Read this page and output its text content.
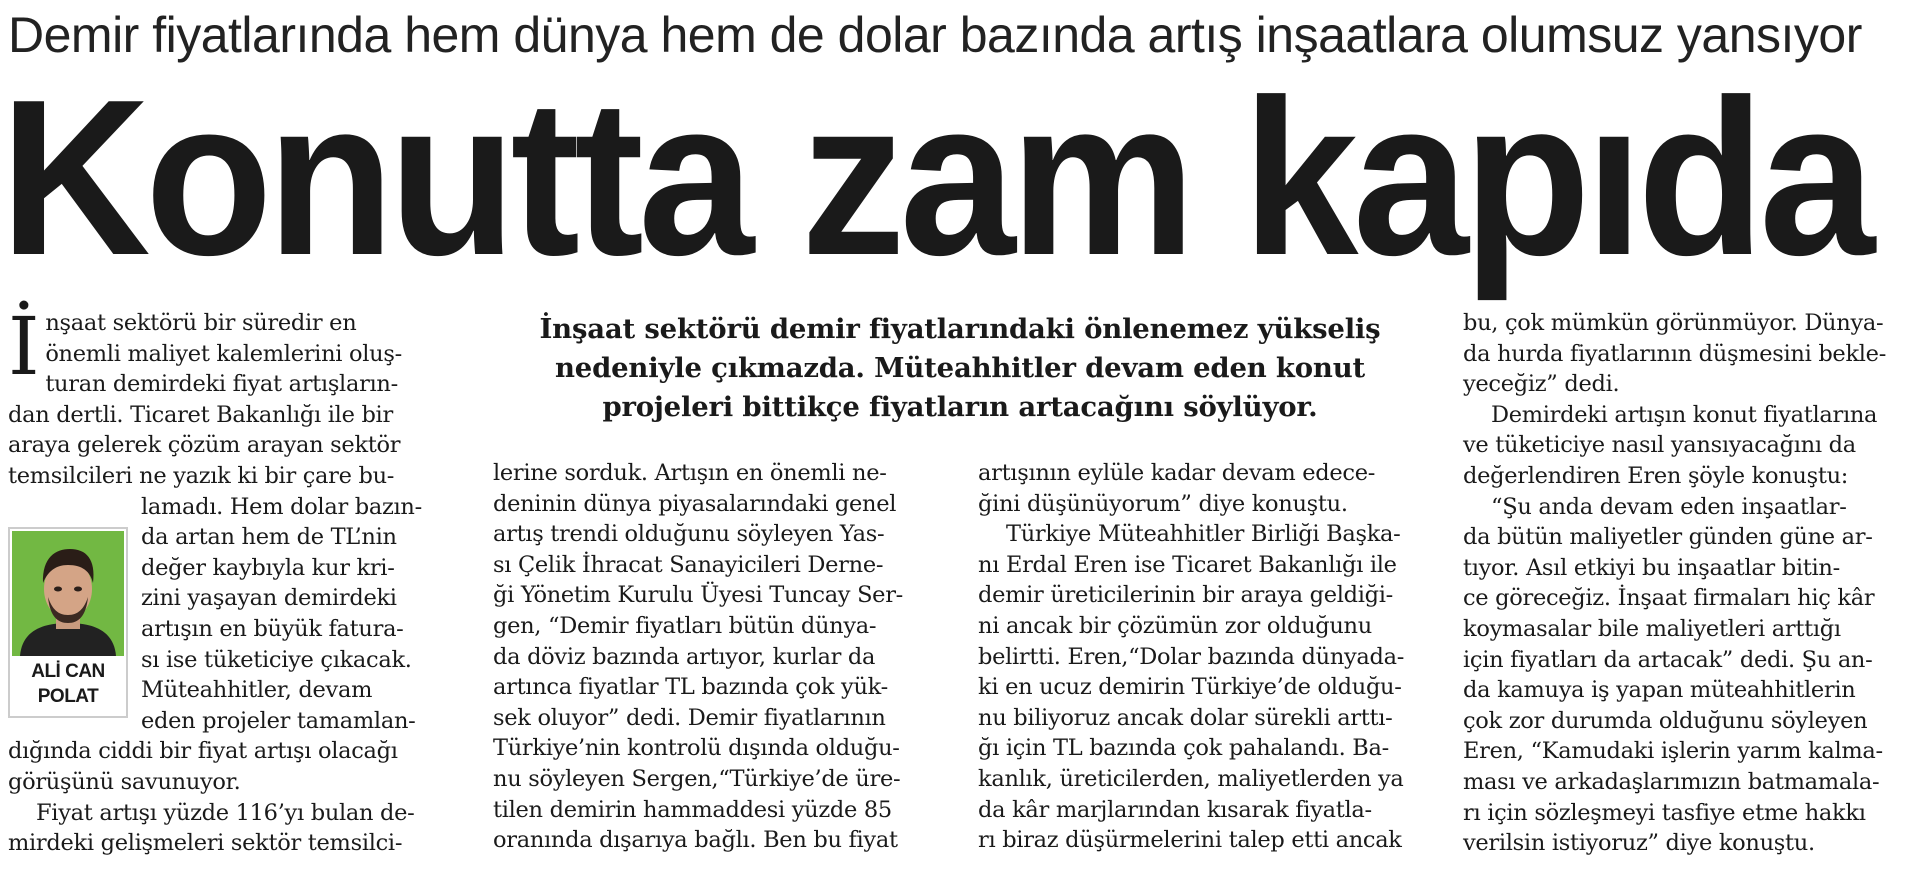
Demir fiyatlarında hem dünya hem de dolar bazında artış inşaatlara olumsuz yansıyor
Konutta zam kapıda
İnşaat sektörü demir fiyatlarındaki önlenemez yükseliş
nedeniyle çıkmazda. Müteahhitler devam eden konut
projeleri bittikçe fiyatların artacağını söylüyor.
ALİ CAN
POLAT
İ nşaat sektörü bir süredir en
önemli maliyet kalemlerini oluş-
turan demirdeki fiyat artışların-
dan dertli. Ticaret Bakanlığı ile bir
araya gelerek çözüm arayan sektör
temsilcileri ne yazık ki bir çare bu-
lamadı. Hem dolar bazın-
da artan hem de TL’nin
değer kaybıyla kur kri-
zini yaşayan demirdeki
artışın en büyük fatura-
sı ise tüketiciye çıkacak.
Müteahhitler, devam
eden projeler tamamlan-
dığında ciddi bir fiyat artışı olacağı
görüşünü savunuyor.
Fiyat artışı yüzde 116’yı bulan de-
mirdeki gelişmeleri sektör temsilci-
lerine sorduk. Artışın en önemli ne-
deninin dünya piyasalarındaki genel
artış trendi olduğunu söyleyen Yas-
sı Çelik İhracat Sanayicileri Derne-
ği Yönetim Kurulu Üyesi Tuncay Ser-
gen, “Demir fiyatları bütün dünya-
da döviz bazında artıyor, kurlar da
artınca fiyatlar TL bazında çok yük-
sek oluyor” dedi. Demir fiyatlarının
Türkiye’nin kontrolü dışında olduğu-
nu söyleyen Sergen,“Türkiye’de üre-
tilen demirin hammaddesi yüzde 85
oranında dışarıya bağlı. Ben bu fiyat
artışının eylüle kadar devam edece-
ğini düşünüyorum” diye konuştu.
Türkiye Müteahhitler Birliği Başka-
nı Erdal Eren ise Ticaret Bakanlığı ile
demir üreticilerinin bir araya geldiği-
ni ancak bir çözümün zor olduğunu
belirtti. Eren,“Dolar bazında dünyada-
ki en ucuz demirin Türkiye’de olduğu-
nu biliyoruz ancak dolar sürekli arttı-
ğı için TL bazında çok pahalandı. Ba-
kanlık, üreticilerden, maliyetlerden ya
da kâr marjlarından kısarak fiyatla-
rı biraz düşürmelerini talep etti ancak
bu, çok mümkün görünmüyor. Dünya-
da hurda fiyatlarının düşmesini bekle-
yeceğiz” dedi.
Demirdeki artışın konut fiyatlarına
ve tüketiciye nasıl yansıyacağını da
değerlendiren Eren şöyle konuştu:
“Şu anda devam eden inşaatlar-
da bütün maliyetler günden güne ar-
tıyor. Asıl etkiyi bu inşaatlar bitin-
ce göreceğiz. İnşaat firmaları hiç kâr
koymasalar bile maliyetleri arttığı
için fiyatları da artacak” dedi. Şu an-
da kamuya iş yapan müteahhitlerin
çok zor durumda olduğunu söyleyen
Eren, “Kamudaki işlerin yarım kalma-
ması ve arkadaşlarımızın batmamala-
rı için sözleşmeyi tasfiye etme hakkı
verilsin istiyoruz” diye konuştu.
